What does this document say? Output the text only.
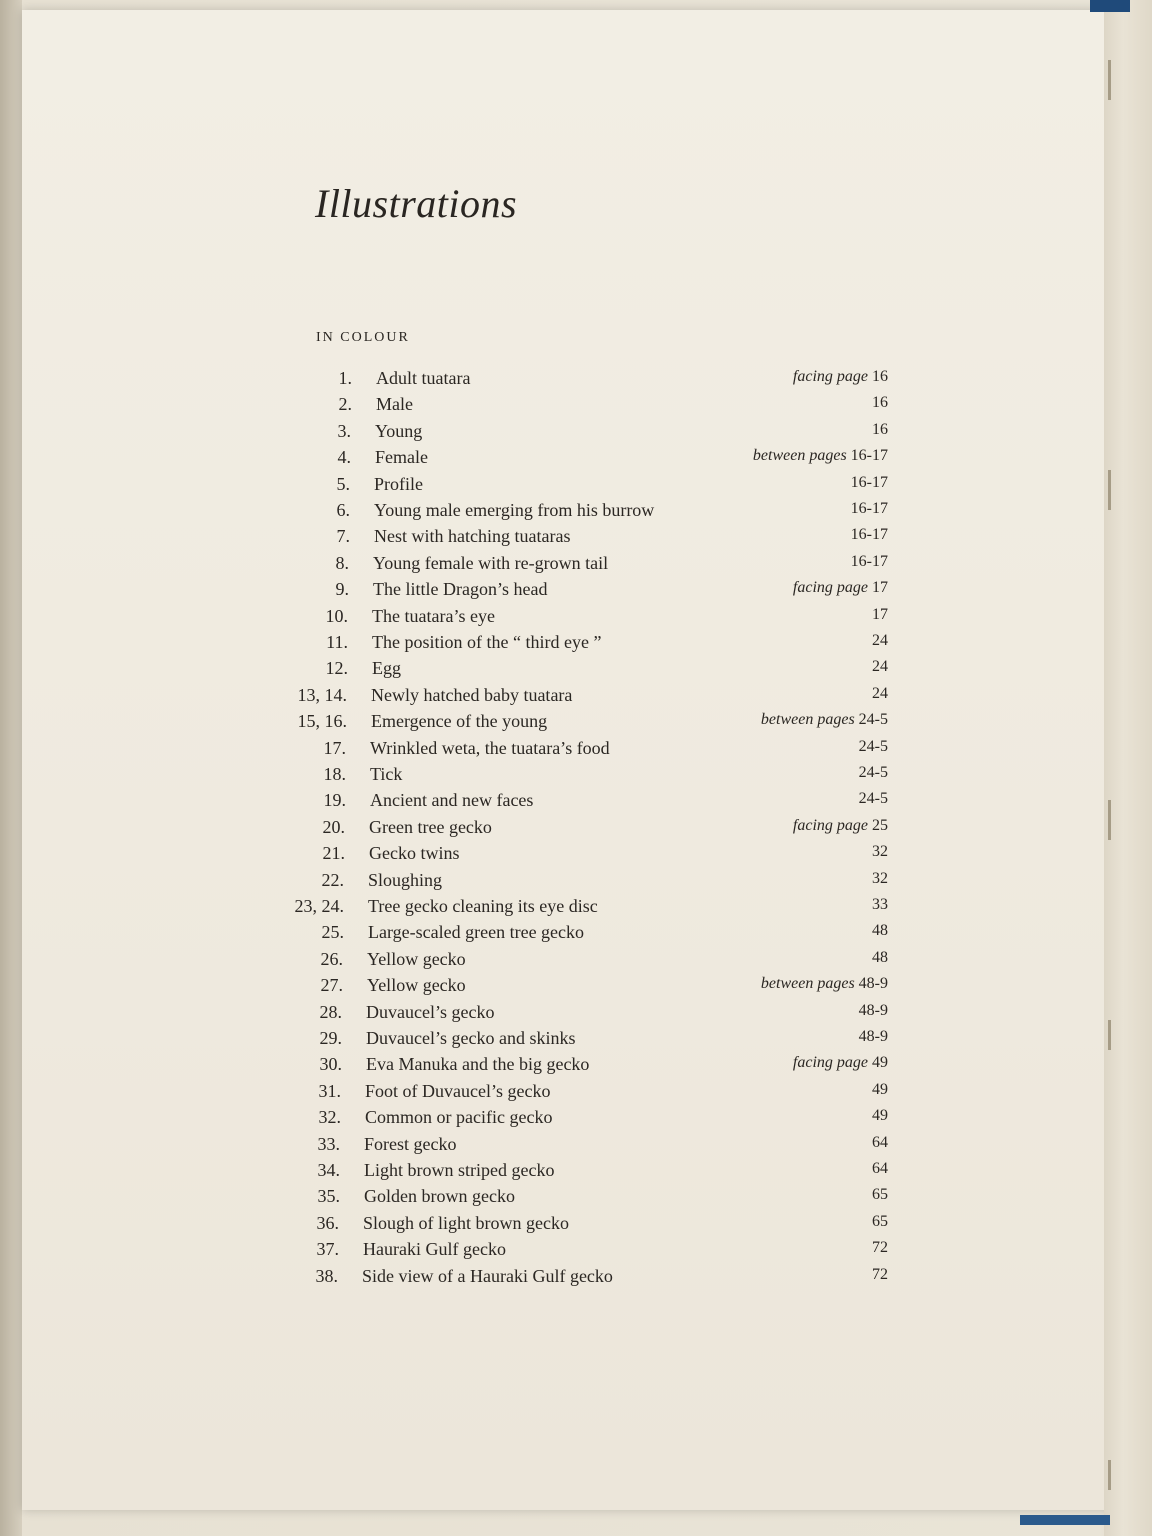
Illustrations
IN COLOUR
1. Adult tuatara	facing page 16
2. Male	16
3. Young	16
4. Female	between pages 16-17
5. Profile	16-17
6. Young male emerging from his burrow	16-17
7. Nest with hatching tuataras	16-17
8. Young female with re-grown tail	16-17
9. The little Dragon’s head	facing page 17
10. The tuatara’s eye	17
11. The position of the “ third eye ”	24
12. Egg	24
13, 14. Newly hatched baby tuatara	24
15, 16. Emergence of the young	between pages 24-5
17. Wrinkled weta, the tuatara’s food	24-5
18. Tick	24-5
19. Ancient and new faces	24-5
20. Green tree gecko	facing page 25
21. Gecko twins	32
22. Sloughing	32
23, 24. Tree gecko cleaning its eye disc	33
25. Large-scaled green tree gecko	48
26. Yellow gecko	48
27. Yellow gecko	between pages 48-9
28. Duvaucel’s gecko	48-9
29. Duvaucel’s gecko and skinks	48-9
30. Eva Manuka and the big gecko	facing page 49
31. Foot of Duvaucel’s gecko	49
32. Common or pacific gecko	49
33. Forest gecko	64
34. Light brown striped gecko	64
35. Golden brown gecko	65
36. Slough of light brown gecko	65
37. Hauraki Gulf gecko	72
38. Side view of a Hauraki Gulf gecko	72
